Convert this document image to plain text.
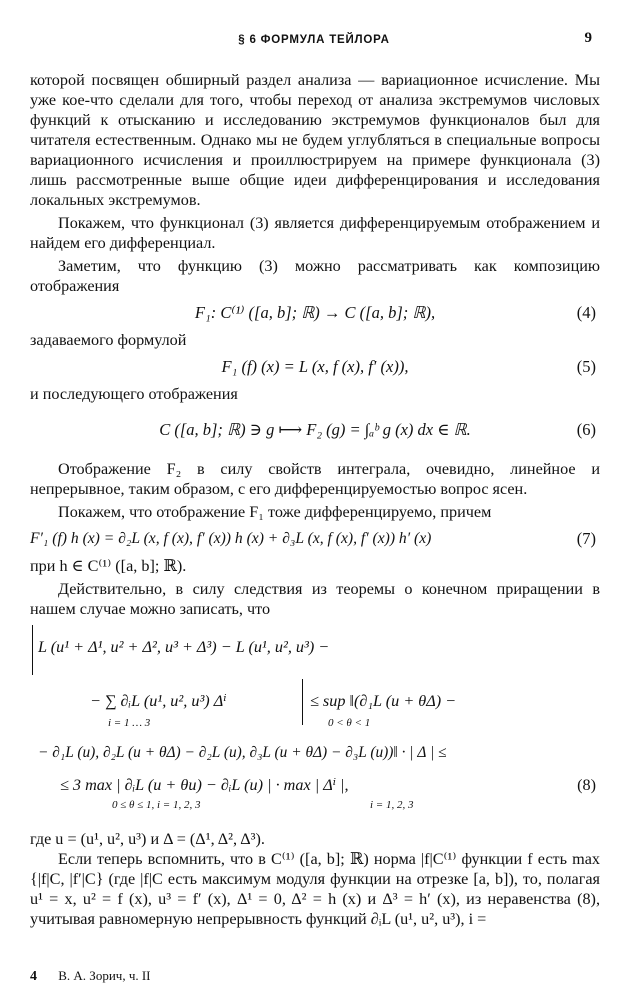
§ 6 ФОРМУЛА ТЕЙЛОРА	9

которой посвящен обширный раздел анализа — вариационное исчисление. Мы уже кое-что сделали для того, чтобы переход от анализа экстремумов числовых функций к отысканию и исследованию экстремумов функционалов был для читателя естественным. Однако мы не будем углубляться в специальные вопросы вариационного исчисления и проиллюстрируем на примере функционала (3) лишь рассмотренные выше общие идеи дифференцирования и исследования локальных экстремумов.

Покажем, что функционал (3) является дифференцируемым отображением и найдем его дифференциал.

Заметим, что функцию (3) можно рассматривать как композицию отображения

F₁: C⁽¹⁾ ([a, b]; ℝ) → C ([a, b]; ℝ),	(4)

задаваемого формулой

F₁ (f) (x) = L (x, f (x), f′ (x)),	(5)

и последующего отображения

C ([a, b]; ℝ) ∋ g ⟼ F₂ (g) = ∫ₐᵇ g (x) dx ∈ ℝ.	(6)

Отображение F₂ в силу свойств интеграла, очевидно, линейное и непрерывное, таким образом, с его дифференцируемостью вопрос ясен.

Покажем, что отображение F₁ тоже дифференцируемо, причем

F′₁ (f) h (x) = ∂₂L (x, f (x), f′ (x)) h (x) + ∂₃L (x, f (x), f′ (x)) h′ (x)	(7)

при h ∈ C⁽¹⁾ ([a, b]; ℝ).

Действительно, в силу следствия из теоремы о конечном приращении в нашем случае можно записать, что

L (u¹ + Δ¹, u² + Δ², u³ + Δ³) − L (u¹, u², u³) −
− ∑ ∂ᵢL (u¹, u², u³) Δⁱ
i = 1 … 3
≤ sup ‖(∂₁L (u + θΔ) −
0 < θ < 1
− ∂₁L (u), ∂₂L (u + θΔ) − ∂₂L (u), ∂₃L (u + θΔ) − ∂₃L (u))‖ · | Δ | ≤
≤ 3 max | ∂ᵢL (u + θu) − ∂ᵢL (u) | · max | Δⁱ |,
0 ≤ θ ≤ 1, i = 1, 2, 3	i = 1, 2, 3
(8)

где u = (u¹, u², u³) и Δ = (Δ¹, Δ², Δ³).

Если теперь вспомнить, что в C⁽¹⁾ ([a, b]; ℝ) норма |f|C⁽¹⁾ функции f есть max {|f|C, |f′|C} (где |f|C есть максимум модуля функции на отрезке [a, b]), то, полагая u¹ = x, u² = f (x), u³ = f′ (x), Δ¹ = 0, Δ² = h (x) и Δ³ = h′ (x), из неравенства (8), учитывая равномерную непрерывность функций ∂ᵢL (u¹, u², u³), i =

4 В. А. Зорич, ч. II
